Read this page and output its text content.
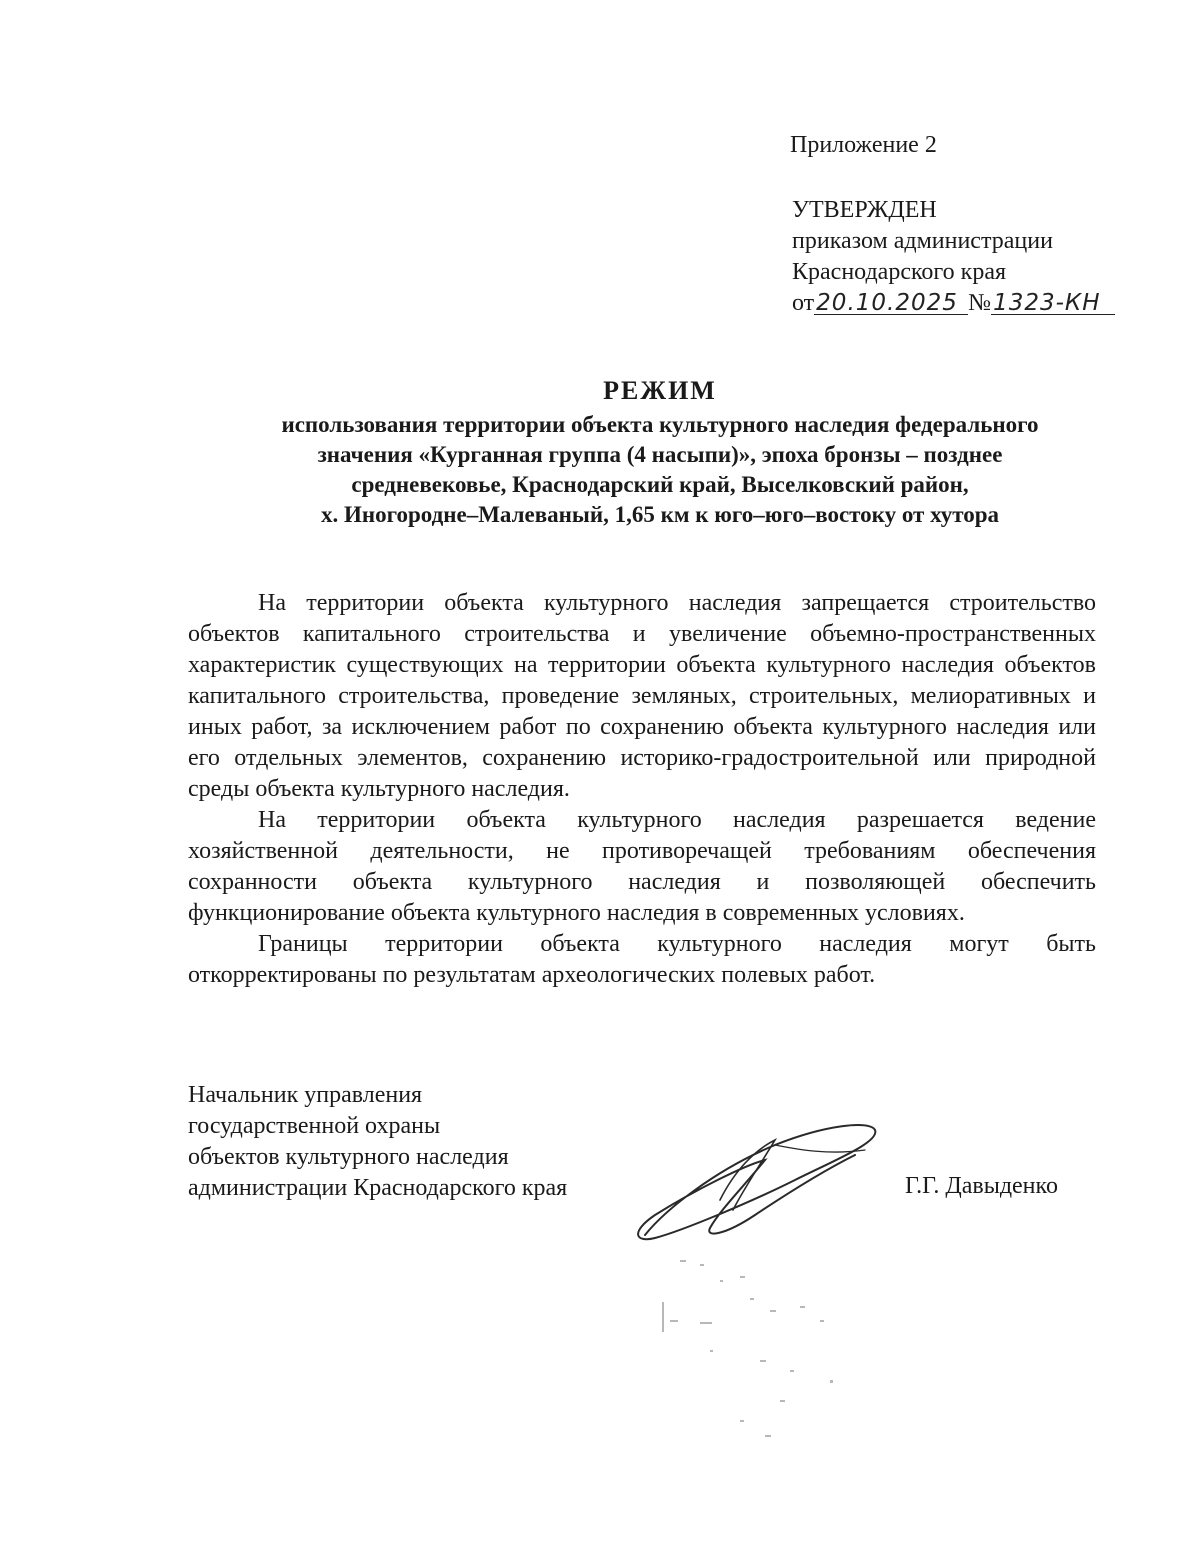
Приложение 2
УТВЕРЖДЕН
приказом администрации
Краснодарского края
от20.10.2025 №1323-КН
РЕЖИМ
использования территории объекта культурного наследия федерального
значения «Курганная группа (4 насыпи)», эпоха бронзы – позднее
средневековье, Краснодарский край, Выселковский район,
х. Иногородне–Малеваный, 1,65 км к юго–юго–востоку от хутора

На территории объекта культурного наследия запрещается строительство объектов капитального строительства и увеличение объемно-пространственных характеристик существующих на территории объекта культурного наследия объектов капитального строительства, проведение земляных, строительных, мелиоративных и иных работ, за исключением работ по сохранению объекта культурного наследия или его отдельных элементов, сохранению историко-градостроительной или природной среды объекта культурного наследия.

На территории объекта культурного наследия разрешается ведение хозяйственной деятельности, не противоречащей требованиям обеспечения сохранности объекта культурного наследия и позволяющей обеспечить функционирование объекта культурного наследия в современных условиях.

Границы территории объекта культурного наследия могут быть откорректированы по результатам археологических полевых работ.

Начальник управления
государственной охраны
объектов культурного наследия
администрации Краснодарского края	Г.Г. Давыденко
